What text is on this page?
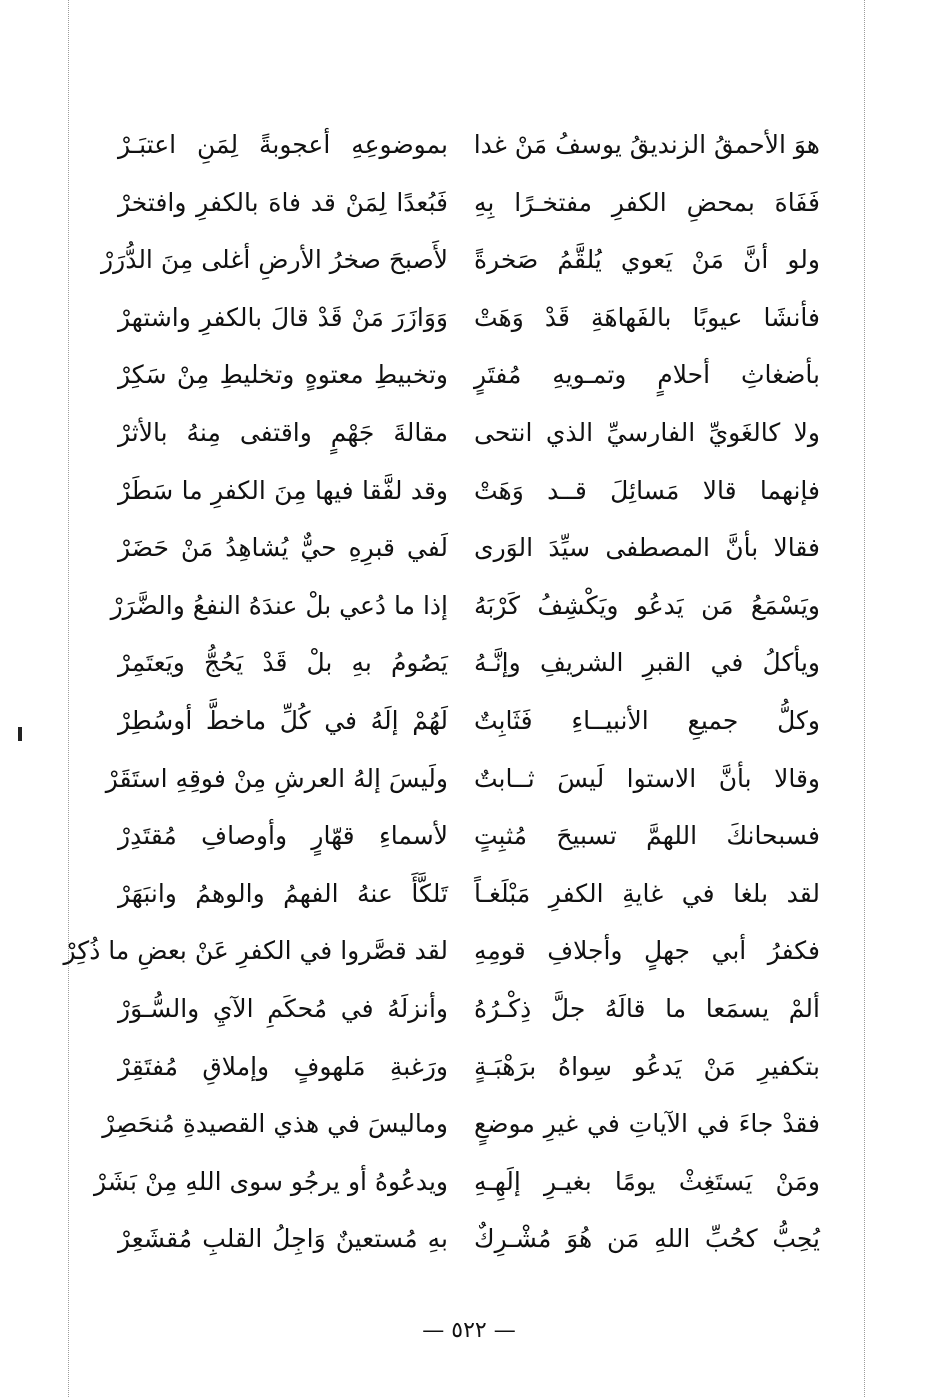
هوَ الأحمقُ الزنديقُ يوسفُ مَنْ غدا
بموضوعِهِ أعجوبةً لِمَنِ اعتبَـرْ
فَفَاهَ بمحضِ الكفرِ مفتخـرًا بِهِ
فَبُعدًا لِمَنْ قد فاهَ بالكفرِ وافتخرْ
ولو أنَّ مَنْ يَعوي يُلقَّمُ صَخرةً
لأَصبحَ صخرُ الأرضِ أغلى مِنَ الدُّرَرْ
فأنشَا عيوبًا بالفَهاهَةِ قَدْ وَهَتْ
وَوَازَرَ مَنْ قَدْ قالَ بالكفرِ واشتهرْ
بأضغاثِ أحلامٍ وتمـويهِ مُفتَرٍ
وتخبيطِ معتوهٍ وتخليطِ مِنْ سَكِرْ
ولا كالغَويِّ الفارسيِّ الذي انتحى
مقالةَ جَهْمٍ واقتفى مِنهُ بالأثرْ
فإنهما قالا مَسائِلَ قــد وَهَتْ
وقد لفَّقا فيها مِنَ الكفرِ ما سَطَرْ
فقالا بأنَّ المصطفى سيِّدَ الوَرى
لَفي قبرِهِ حيٌّ يُشاهِدُ مَنْ حَضَرْ
ويَسْمَعُ مَن يَدعُو ويَكْشِفُ كَرْبَهُ
إذا ما دُعي بلْ عندَهُ النفعُ والضَّرَرْ
ويأكلُ في القبرِ الشريفِ وإنَّـهُ
يَصُومُ بهِ بلْ قَدْ يَحُجُّ ويَعتَمِرْ
وكلُّ جميعِ الأنبيــاءِ فَثَابِتٌ
لَهُمْ إلَهُ في كُلِّ ماخطَّ أوسُطِرْ
وقالا بأنَّ الاستوا لَيسَ ثــابتٌ
ولَيسَ إلهُ العرشِ مِنْ فوقِهِ استَقَرْ
فسبحانكَ اللهمَّ تسبيحَ مُثبِتٍ
لأسماءِ قهّارٍ وأوصافِ مُقتَدِرْ
لقد بلغا في غايةِ الكفرِ مَبْلَغـاً
تَلكَّأَ عنهُ الفهمُ والوهمُ وانبَهَرْ
فكفرُ أبي جهلٍ وأجلافِ قومِهِ
لقد قصَّروا في الكفرِ عَنْ بعضِ ما ذُكِرْ
ألمْ يسمَعا ما قالَهُ جلَّ ذِكْـرُهُ
وأنزلَهُ في مُحكَمِ الآيِ والسُّـوَرْ
بتكفيرِ مَنْ يَدعُو سِواهُ برَهْبَـةٍ
ورَغبةِ مَلهوفٍ وإملاقِ مُفتَقِرْ
فقدْ جاءَ في الآياتِ في غيرِ موضعٍ
وماليسَ في هذي القصيدةِ مُنحَصِرْ
ومَنْ يَستَغِثْ يومًا بغيـرِ إلَهِـهِ
ويدعُوهُ أو يرجُو سوى اللهِ مِنْ بَشَرْ
يُحِبُّ كحُبِّ اللهِ مَن هُوَ مُشْـرِكٌ
بهِ مُستعينٌ وَاجِلُ القلبِ مُقشَعِرْ
— ٥٢٢ —
